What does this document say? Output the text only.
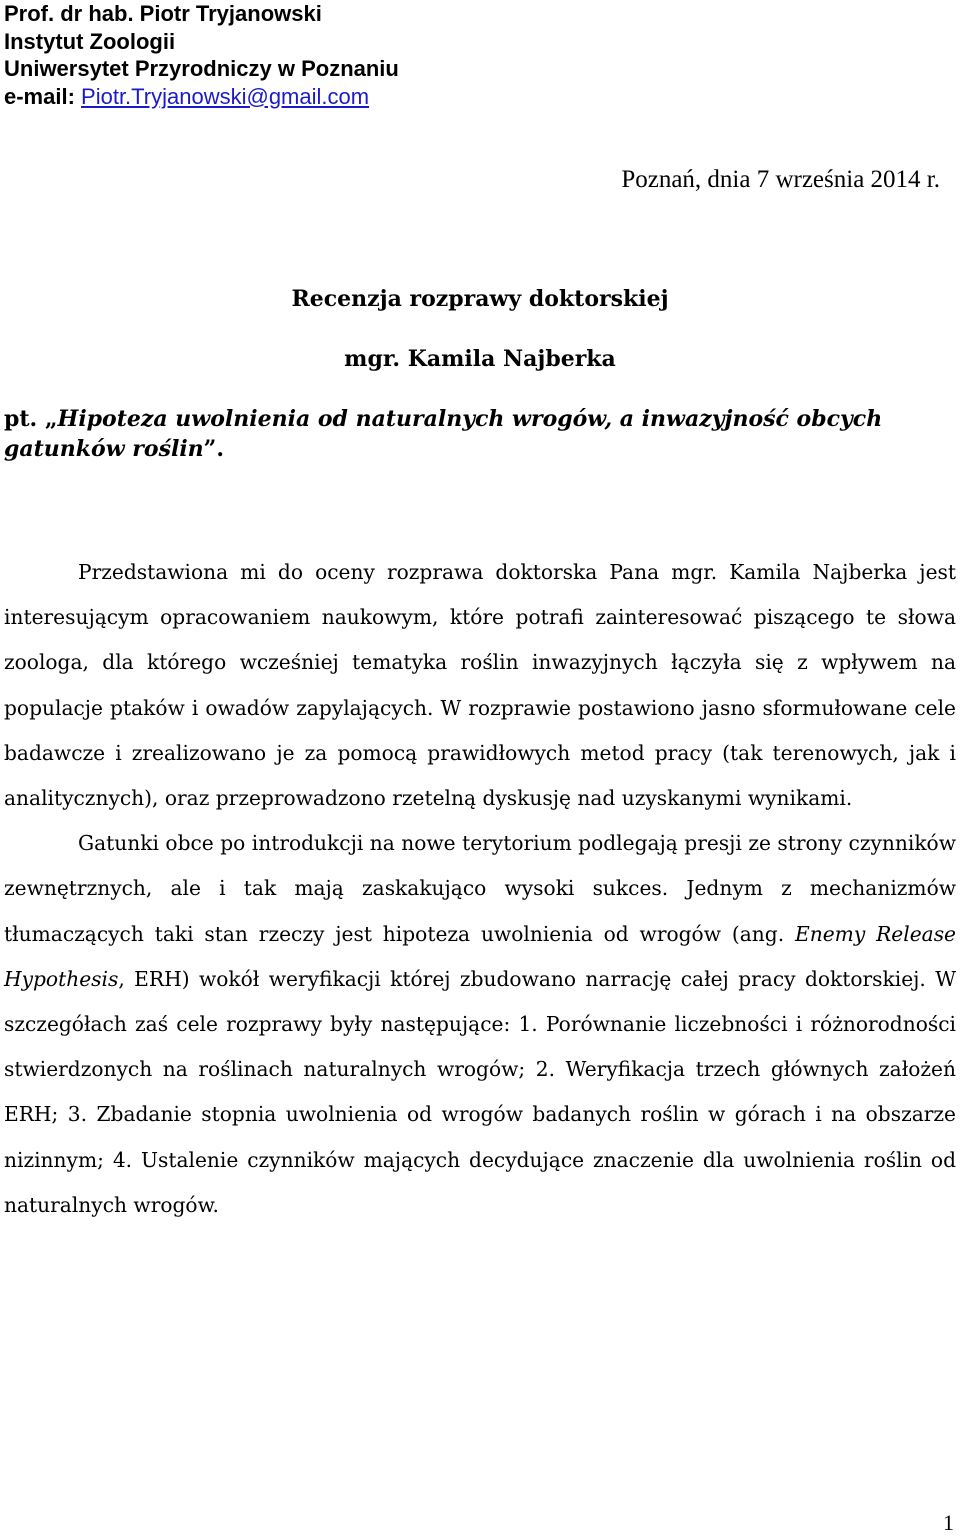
Prof. dr hab. Piotr Tryjanowski
Instytut Zoologii
Uniwersytet Przyrodniczy w Poznaniu
e-mail: Piotr.Tryjanowski@gmail.com
Poznań, dnia 7 września 2014 r.
Recenzja rozprawy doktorskiej
mgr. Kamila Najberka
pt. „Hipoteza uwolnienia od naturalnych wrogów, a inwazyjność obcych gatunków roślin”.

Przedstawiona mi do oceny rozprawa doktorska Pana mgr. Kamila Najberka jest interesującym opracowaniem naukowym, które potrafi zainteresować piszącego te słowa zoologa, dla którego wcześniej tematyka roślin inwazyjnych łączyła się z wpływem na populacje ptaków i owadów zapylających. W rozprawie postawiono jasno sformułowane cele badawcze i zrealizowano je za pomocą prawidłowych metod pracy (tak terenowych, jak i analitycznych), oraz przeprowadzono rzetelną dyskusję nad uzyskanymi wynikami.

Gatunki obce po introdukcji na nowe terytorium podlegają presji ze strony czynników zewnętrznych, ale i tak mają zaskakująco wysoki sukces. Jednym z mechanizmów tłumaczących taki stan rzeczy jest hipoteza uwolnienia od wrogów (ang. Enemy Release Hypothesis, ERH) wokół weryfikacji której zbudowano narrację całej pracy doktorskiej. W szczegółach zaś cele rozprawy były następujące: 1. Porównanie liczebności i różnorodności stwierdzonych na roślinach naturalnych wrogów; 2. Weryfikacja trzech głównych założeń ERH; 3. Zbadanie stopnia uwolnienia od wrogów badanych roślin w górach i na obszarze nizinnym; 4. Ustalenie czynników mających decydujące znaczenie dla uwolnienia roślin od naturalnych wrogów.

1
